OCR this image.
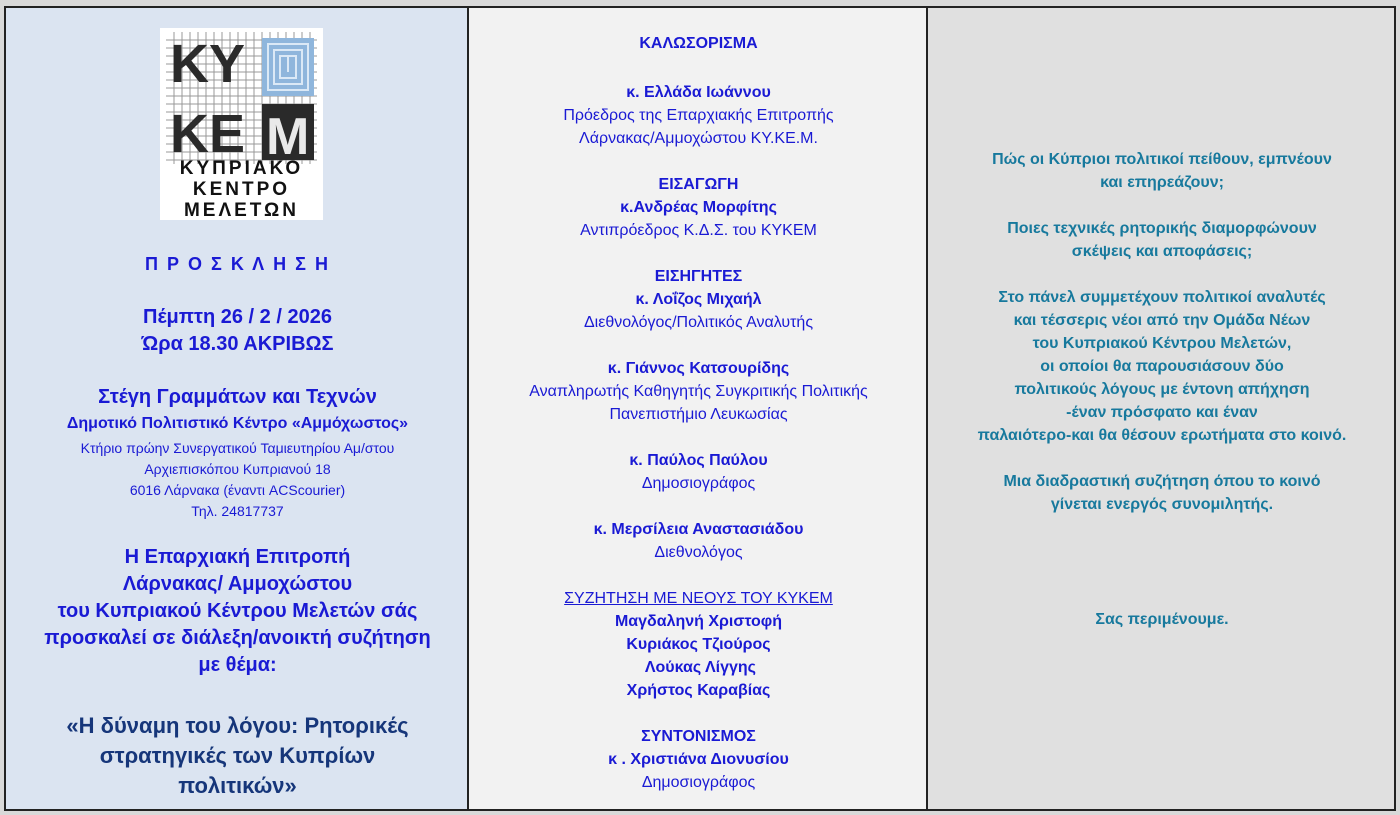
ΚΥ
ΚΕ Μ
ΚΥΠΡΙΑΚΟ
ΚΕΝΤΡΟ
ΜΕΛΕΤΩΝ
Π Ρ Ο Σ Κ Λ Η Σ Η
Πέμπτη 26 / 2 / 2026
Ώρα 18.30 ΑΚΡΙΒΩΣ
Στέγη Γραμμάτων και Τεχνών
Δημοτικό Πολιτιστικό Κέντρο «Αμμόχωστος»
Κτήριο πρώην Συνεργατικού Ταμιευτηρίου Αμ/στου
Αρχιεπισκόπου Κυπριανού 18
6016 Λάρνακα (έναντι ACScourier)
Τηλ. 24817737
Η Επαρχιακή Επιτροπή
Λάρνακας/ Αμμοχώστου
του Κυπριακού Κέντρου Μελετών σάς
προσκαλεί σε διάλεξη/ανοικτή συζήτηση
με θέμα:
«Η δύναμη του λόγου: Ρητορικές
στρατηγικές των Κυπρίων
πολιτικών»
ΚΑΛΩΣΟΡΙΣΜΑ
κ. Ελλάδα Ιωάννου
Πρόεδρος της Επαρχιακής Επιτροπής
Λάρνακας/Αμμοχώστου ΚΥ.ΚΕ.Μ.
ΕΙΣΑΓΩΓΗ
κ.Ανδρέας Μορφίτης
Αντιπρόεδρος Κ.Δ.Σ. του ΚΥΚΕΜ
ΕΙΣΗΓΗΤΕΣ
κ. Λοΐζος Μιχαήλ
Διεθνολόγος/Πολιτικός Αναλυτής
κ. Γιάννος Κατσουρίδης
Αναπληρωτής Καθηγητής Συγκριτικής Πολιτικής
Πανεπιστήμιο Λευκωσίας
κ. Παύλος Παύλου
Δημοσιογράφος
κ. Μερσίλεια Αναστασιάδου
Διεθνολόγος
ΣΥΖΗΤΗΣΗ ΜΕ ΝΕΟΥΣ ΤΟΥ ΚΥΚΕΜ
Μαγδαληνή Χριστοφή
Κυριάκος Τζιούρος
Λούκας Λίγγης
Χρήστος Καραβίας
ΣΥΝΤΟΝΙΣΜΟΣ
κ . Χριστιάνα Διονυσίου
Δημοσιογράφος
Πώς οι Κύπριοι πολιτικοί πείθουν, εμπνέουν
και επηρεάζουν;
Ποιες τεχνικές ρητορικής διαμορφώνουν
σκέψεις και αποφάσεις;
Στο πάνελ συμμετέχουν πολιτικοί αναλυτές
και τέσσερις νέοι από την Ομάδα Νέων
του Κυπριακού Κέντρου Μελετών,
οι οποίοι θα παρουσιάσουν δύο
πολιτικούς λόγους με έντονη απήχηση
-έναν πρόσφατο και έναν
παλαιότερο-και θα θέσουν ερωτήματα στο κοινό.
Μια διαδραστική συζήτηση όπου το κοινό
γίνεται ενεργός συνομιλητής.
Σας περιμένουμε.
